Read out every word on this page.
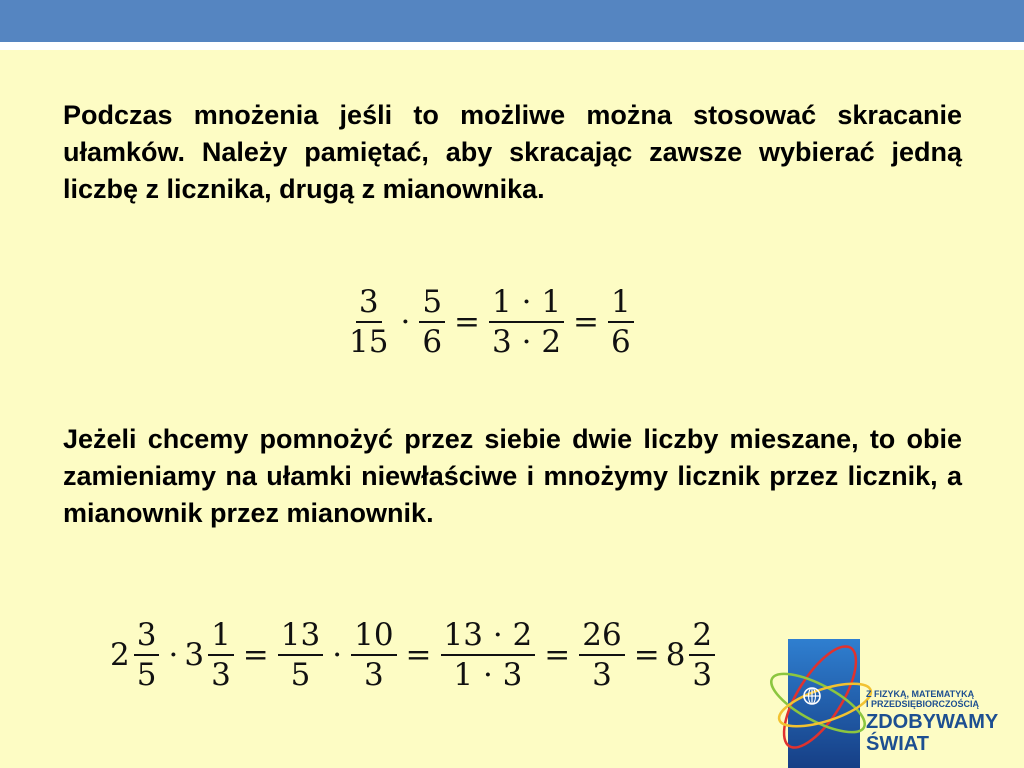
Podczas mnożenia jeśli to możliwe można stosować skracanie ułamków. Należy pamiętać, aby skracając zawsze wybierać jedną liczbę z licznika, drugą z mianownika.

$\frac{3}{15} \cdot \frac{5}{6} = \frac{1 \cdot 1}{3 \cdot 2} = \frac{1}{6}$

Jeżeli chcemy pomnożyć przez siebie dwie liczby mieszane, to obie zamieniamy na ułamki niewłaściwe i mnożymy licznik przez licznik, a mianownik przez mianownik.

$2 \frac{3}{5} \cdot 3 \frac{1}{3} = \frac{13}{5} \cdot \frac{10}{3} = \frac{13 \cdot 2}{1 \cdot 3} = \frac{26}{3} = 8 \frac{2}{3}$	Z FIZYKĄ, MATEMATYKĄ
I PRZEDSIĘBIORCZOŚCIĄ
ZDOBYWAMY
ŚWIAT
